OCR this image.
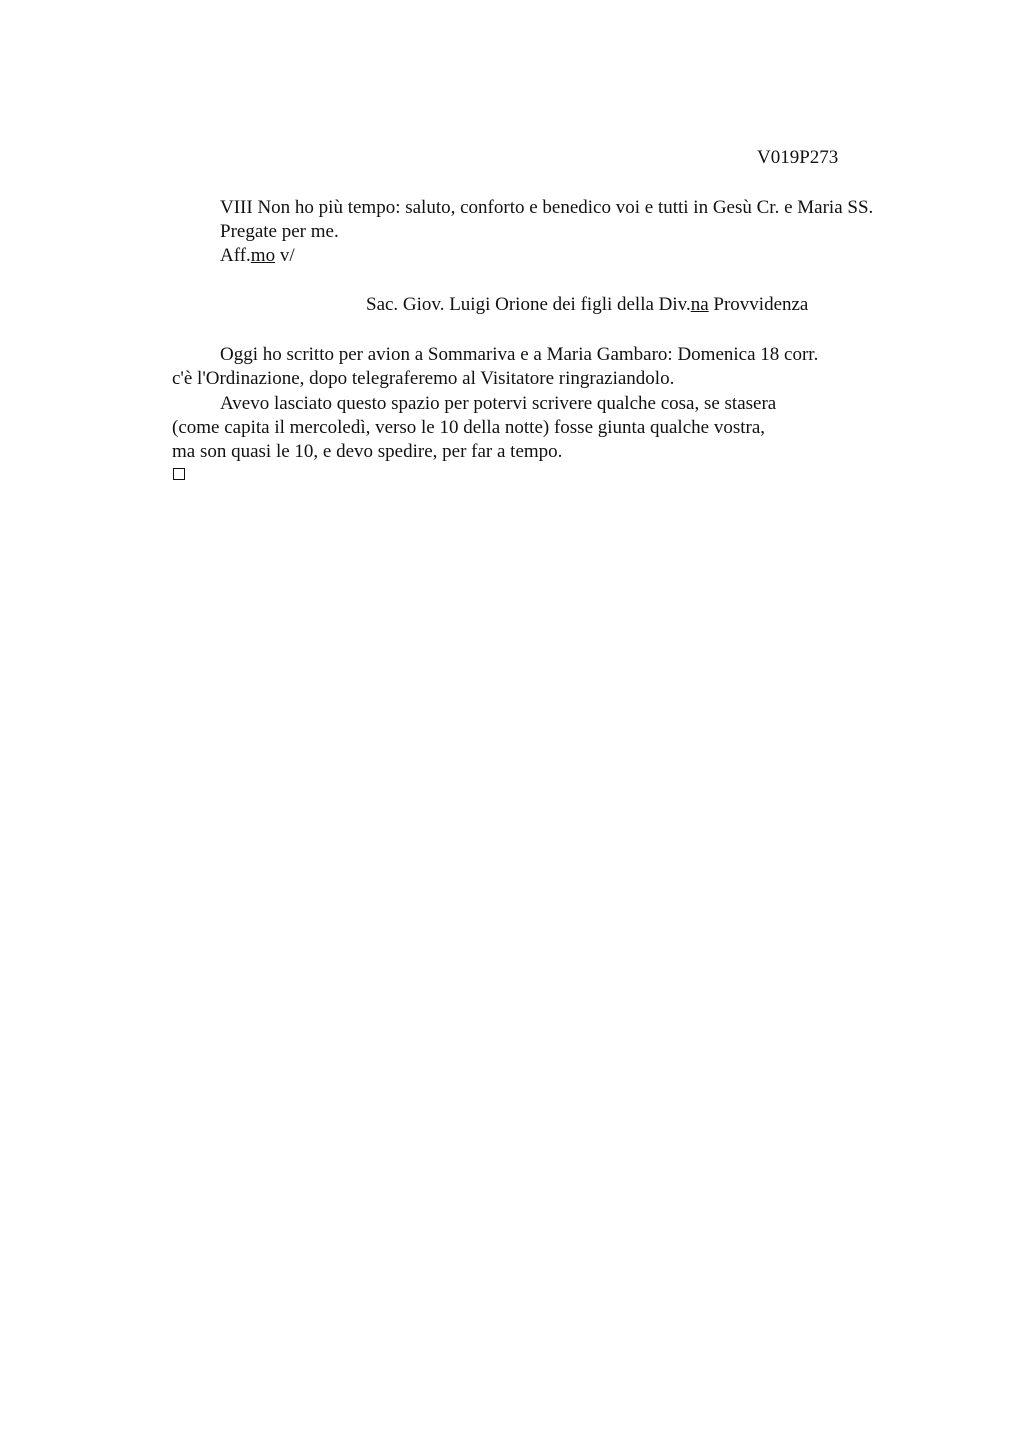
V019P273
VIII Non ho più tempo: saluto, conforto e benedico voi e tutti in Gesù Cr. e Maria SS.
Pregate per me.
Aff.mo v/
Sac. Giov. Luigi Orione dei figli della Div.na Provvidenza
Oggi ho scritto per avion a Sommariva e a Maria Gambaro: Domenica 18 corr.
c'è l'Ordinazione, dopo telegraferemo al Visitatore ringraziandolo.
Avevo lasciato questo spazio per potervi scrivere qualche cosa, se stasera
(come capita il mercoledì, verso le 10 della notte) fosse giunta qualche vostra,
ma son quasi le 10, e devo spedire, per far a tempo.
